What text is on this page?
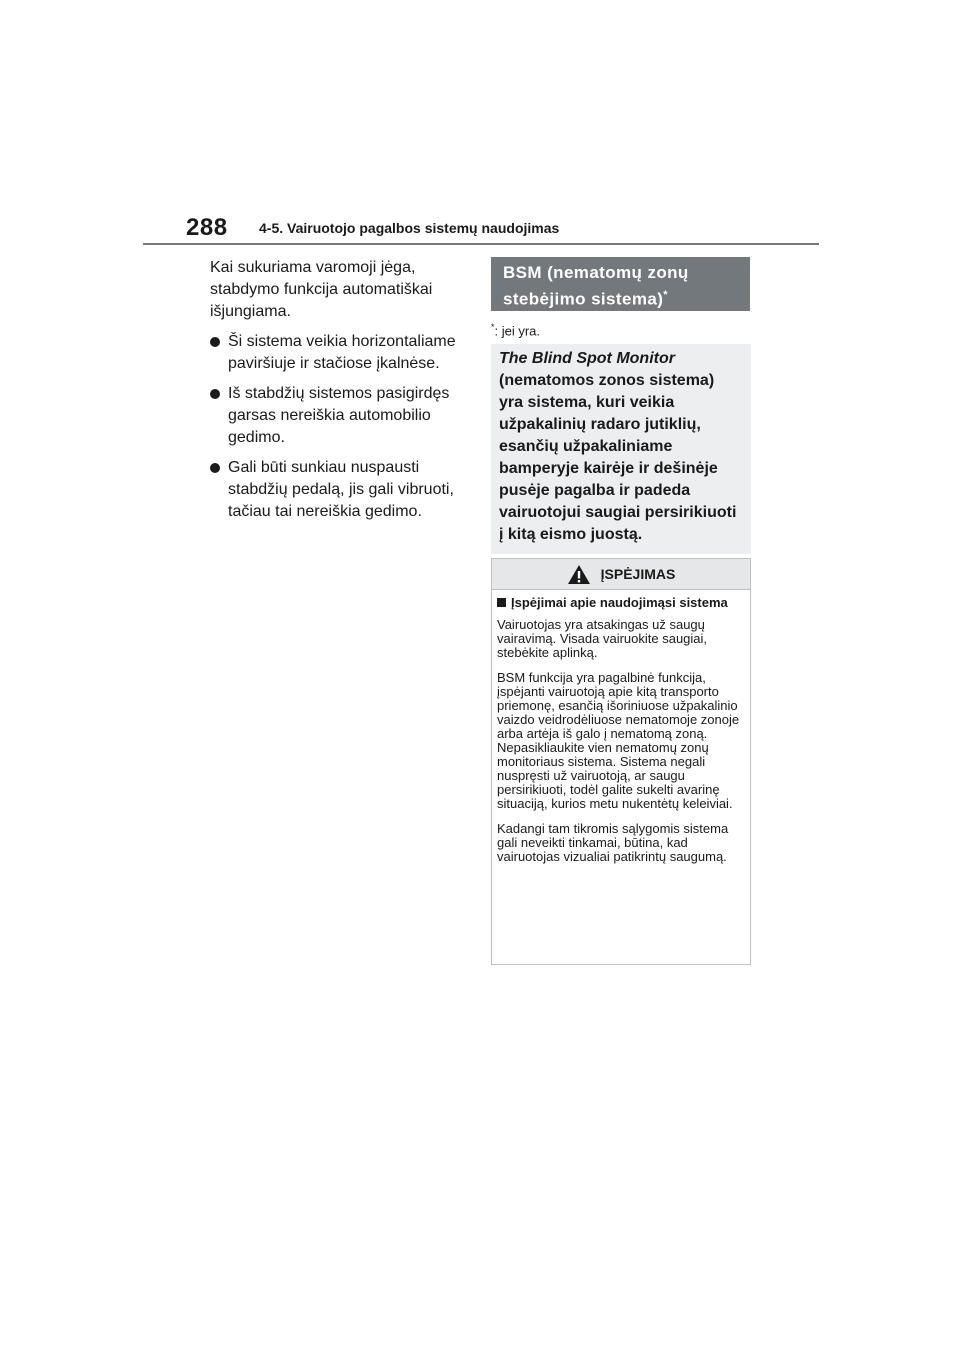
288 4-5. Vairuotojo pagalbos sistemų naudojimas

Kai sukuriama varomoji jėga, stabdymo funkcija automatiškai išjungiama.

Ši sistema veikia horizontaliame paviršiuje ir stačiose įkalnėse.
Iš stabdžių sistemos pasigirdęs garsas nereiškia automobilio gedimo.
Gali būti sunkiau nuspausti stabdžių pedalą, jis gali vibruoti, tačiau tai nereiškia gedimo.
BSM (nematomų zonų
stebėjimo sistema)*
*: jei yra.
The Blind Spot Monitor
(nematomos zonos sistema) yra sistema, kuri veikia užpakalinių radaro jutiklių, esančių užpakaliniame bamperyje kairėje ir dešinėje pusėje pagalba ir padeda vairuotojui saugiai persirikiuoti į kitą eismo juostą.
ĮSPĖJIMAS
Įspėjimai apie naudojimąsi sistema

Vairuotojas yra atsakingas už saugų vairavimą. Visada vairuokite saugiai, stebėkite aplinką.

BSM funkcija yra pagalbinė funkcija, įspėjanti vairuotoją apie kitą transporto priemonę, esančią išoriniuose užpakalinio vaizdo veidrodėliuose nematomoje zonoje arba artėja iš galo į nematomą zoną. Nepasikliaukite vien nematomų zonų monitoriaus sistema. Sistema negali nuspręsti už vairuotoją, ar saugu persirikiuoti, todėl galite sukelti avarinę situaciją, kurios metu nukentėtų keleiviai.

Kadangi tam tikromis sąlygomis sistema gali neveikti tinkamai, būtina, kad vairuotojas vizualiai patikrintų saugumą.
